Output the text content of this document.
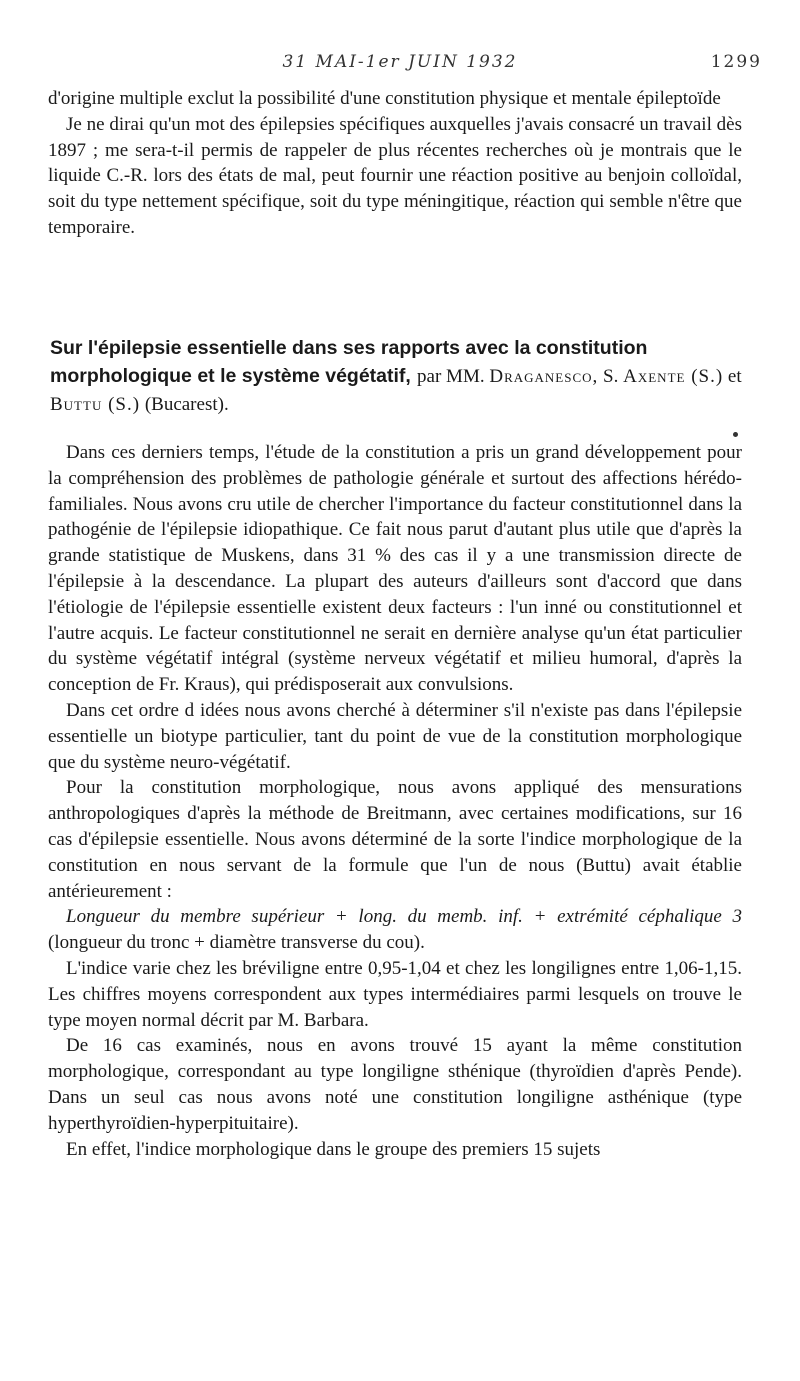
31 MAI-1er JUIN 1932	1299

d'origine multiple exclut la possibilité d'une constitution physique et mentale épileptoïde

Je ne dirai qu'un mot des épilepsies spécifiques auxquelles j'avais consacré un travail dès 1897 ; me sera-t-il permis de rappeler de plus récentes recherches où je montrais que le liquide C.-R. lors des états de mal, peut fournir une réaction positive au benjoin colloïdal, soit du type nettement spécifique, soit du type méningitique, réaction qui semble n'être que temporaire.

Sur l'épilepsie essentielle dans ses rapports avec la constitution morphologique et le système végétatif, par MM. Draganesco, S. Axente (S.) et Buttu (S.) (Bucarest).

Dans ces derniers temps, l'étude de la constitution a pris un grand développement pour la compréhension des problèmes de pathologie générale et surtout des affections hérédo-familiales. Nous avons cru utile de chercher l'importance du facteur constitutionnel dans la pathogénie de l'épilepsie idiopathique. Ce fait nous parut d'autant plus utile que d'après la grande statistique de Muskens, dans 31 % des cas il y a une transmission directe de l'épilepsie à la descendance. La plupart des auteurs d'ailleurs sont d'accord que dans l'étiologie de l'épilepsie essentielle existent deux facteurs : l'un inné ou constitutionnel et l'autre acquis. Le facteur constitutionnel ne serait en dernière analyse qu'un état particulier du système végétatif intégral (système nerveux végétatif et milieu humoral, d'après la conception de Fr. Kraus), qui prédisposerait aux convulsions.

Dans cet ordre d idées nous avons cherché à déterminer s'il n'existe pas dans l'épilepsie essentielle un biotype particulier, tant du point de vue de la constitution morphologique que du système neuro-végétatif.

Pour la constitution morphologique, nous avons appliqué des mensurations anthropologiques d'après la méthode de Breitmann, avec certaines modifications, sur 16 cas d'épilepsie essentielle. Nous avons déterminé de la sorte l'indice morphologique de la constitution en nous servant de la formule que l'un de nous (Buttu) avait établie antérieurement :

Longueur du membre supérieur + long. du memb. inf. + extrémité céphalique 3 (longueur du tronc + diamètre transverse du cou).

L'indice varie chez les bréviligne entre 0,95-1,04 et chez les longilignes entre 1,06-1,15. Les chiffres moyens correspondent aux types intermédiaires parmi lesquels on trouve le type moyen normal décrit par M. Barbara.

De 16 cas examinés, nous en avons trouvé 15 ayant la même constitution morphologique, correspondant au type longiligne sthénique (thyroïdien d'après Pende). Dans un seul cas nous avons noté une constitution longiligne asthénique (type hyperthyroïdien-hyperpituitaire).

En effet, l'indice morphologique dans le groupe des premiers 15 sujets
